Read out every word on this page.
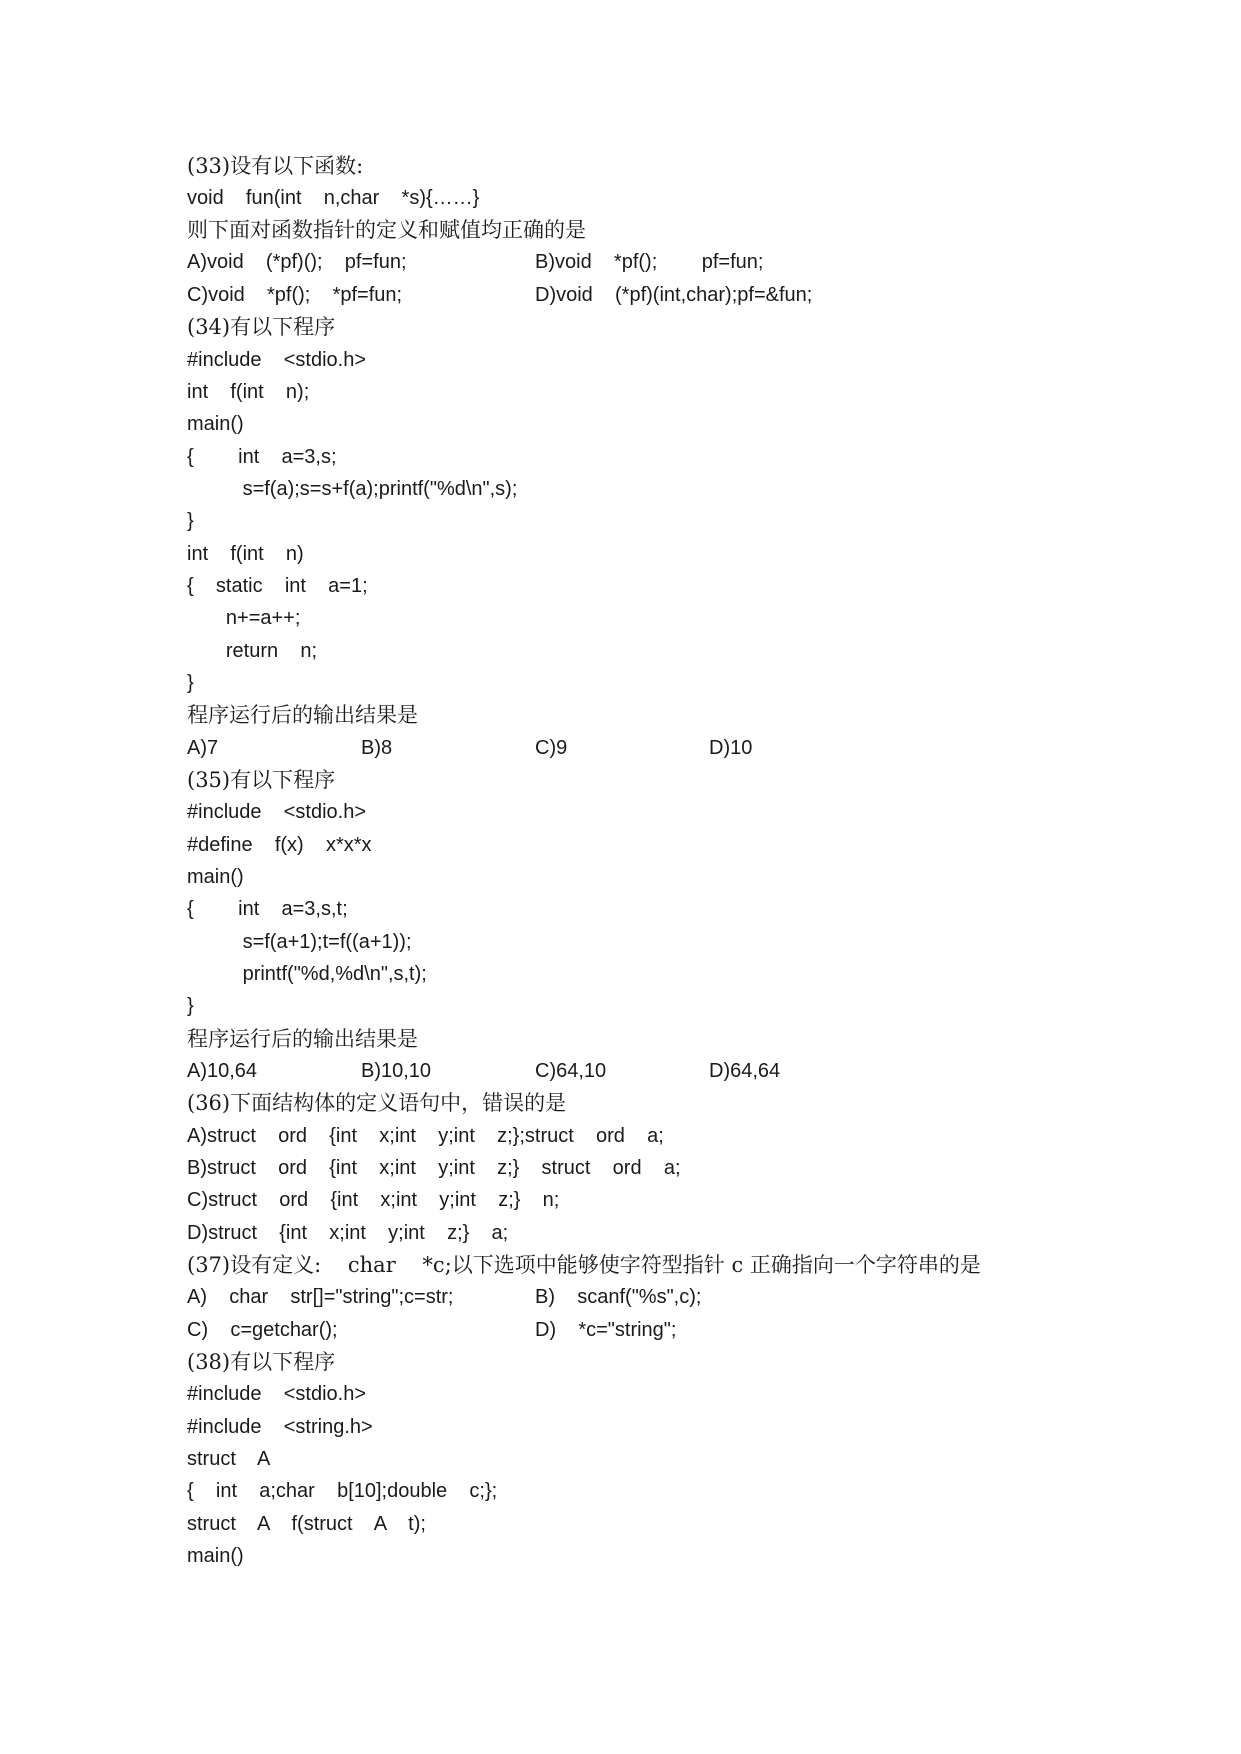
(33)设有以下函数:
void    fun(int    n,char    *s){……}
则下面对函数指针的定义和赋值均正确的是
A)void    (*pf)();    pf=fun;	B)void    *pf();        pf=fun;
C)void    *pf();    *pf=fun;	D)void    (*pf)(int,char);pf=&fun;
(34)有以下程序
#include    <stdio.h>
int    f(int    n);
main()
{        int    a=3,s;
s=f(a);s=s+f(a);printf("%d\n",s);
}
int    f(int    n)
{    static    int    a=1;
n+=a++;
return    n;
}
程序运行后的输出结果是
A)7	B)8	C)9	D)10
(35)有以下程序
#include    <stdio.h>
#define    f(x)    x*x*x
main()
{        int    a=3,s,t;
s=f(a+1);t=f((a+1));
printf("%d,%d\n",s,t);
}
程序运行后的输出结果是
A)10,64	B)10,10	C)64,10	D)64,64
(36)下面结构体的定义语句中，错误的是
A)struct    ord    {int    x;int    y;int    z;};struct    ord    a;
B)struct    ord    {int    x;int    y;int    z;}    struct    ord    a;
C)struct    ord    {int    x;int    y;int    z;}    n;
D)struct    {int    x;int    y;int    z;}    a;
(37)设有定义:    char    *c;以下选项中能够使字符型指针 c 正确指向一个字符串的是
A)    char    str[]="string";c=str;	B)    scanf("%s",c);
C)    c=getchar();	D)    *c="string";
(38)有以下程序
#include    <stdio.h>
#include    <string.h>
struct    A
{    int    a;char    b[10];double    c;};
struct    A    f(struct    A    t);
main()
